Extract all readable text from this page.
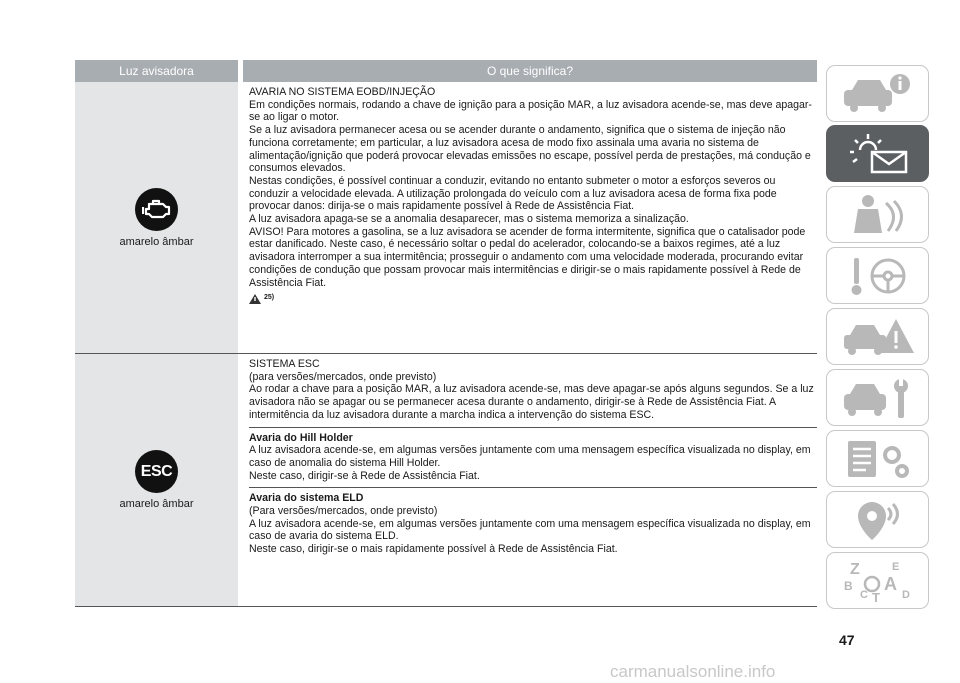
Luz avisadora	O que significa?
amarelo âmbar

AVARIA NO SISTEMA EOBD/INJEÇÃO

Em condições normais, rodando a chave de ignição para a posição MAR, a luz avisadora acende-se, mas deve apagar-se ao ligar o motor.

Se a luz avisadora permanecer acesa ou se acender durante o andamento, significa que o sistema de injeção não funciona corretamente; em particular, a luz avisadora acesa de modo fixo assinala uma avaria no sistema de alimentação/ignição que poderá provocar elevadas emissões no escape, possível perda de prestações, má condução e consumos elevados.

Nestas condições, é possível continuar a conduzir, evitando no entanto submeter o motor a esforços severos ou conduzir a velocidade elevada. A utilização prolongada do veículo com a luz avisadora acesa de forma fixa pode provocar danos: dirija-se o mais rapidamente possível à Rede de Assistência Fiat.

A luz avisadora apaga-se se a anomalia desaparecer, mas o sistema memoriza a sinalização.

AVISO! Para motores a gasolina, se a luz avisadora se acender de forma intermitente, significa que o catalisador pode estar danificado. Neste caso, é necessário soltar o pedal do acelerador, colocando-se a baixos regimes, até a luz avisadora interromper a sua intermitência; prosseguir o andamento com uma velocidade moderada, procurando evitar condições de condução que possam provocar mais intermitências e dirigir-se o mais rapidamente possível à Rede de Assistência Fiat.

25)
ESC
amarelo âmbar

SISTEMA ESC

(para versões/mercados, onde previsto)

Ao rodar a chave para a posição MAR, a luz avisadora acende-se, mas deve apagar-se após alguns segundos. Se a luz avisadora não se apagar ou se permanecer acesa durante o andamento, dirigir-se à Rede de Assistência Fiat. A intermitência da luz avisadora durante a marcha indica a intervenção do sistema ESC.

Avaria do Hill Holder

A luz avisadora acende-se, em algumas versões juntamente com uma mensagem específica visualizada no display, em caso de anomalia do sistema Hill Holder.

Neste caso, dirigir-se à Rede de Assistência Fiat.

Avaria do sistema ELD

(Para versões/mercados, onde previsto)

A luz avisadora acende-se, em algumas versões juntamente com uma mensagem específica visualizada no display, em caso de avaria do sistema ELD.

Neste caso, dirigir-se o mais rapidamente possível à Rede de Assistência Fiat.

Z	E
B A
C T D
47
carmanualsonline.info
